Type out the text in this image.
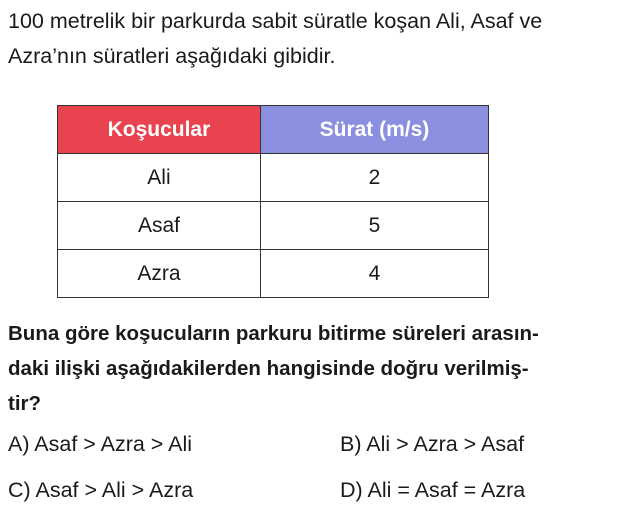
100 metrelik bir parkurda sabit süratle koşan Ali, Asaf ve
Azra’nın süratleri aşağıdaki gibidir.

Koşucular	Sürat (m/s)
Ali	2
Asaf	5
Azra	4

Buna göre koşucuların parkuru bitirme süreleri arasın-
daki ilişki aşağıdakilerden hangisinde doğru verilmiş-
tir?

A) Asaf > Azra > Ali	B) Ali > Azra > Asaf
C) Asaf > Ali > Azra	D) Ali = Asaf = Azra
